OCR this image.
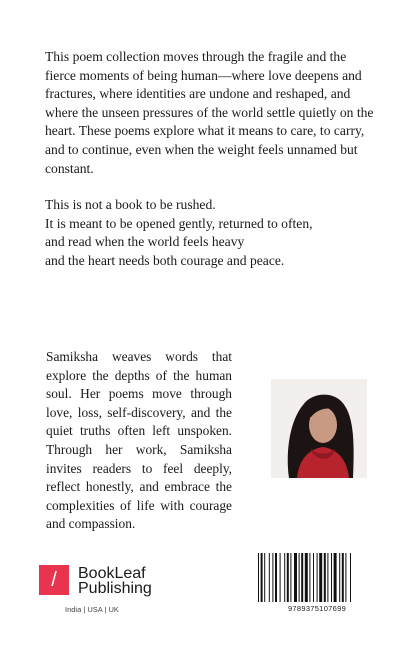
This poem collection moves through the fragile and the fierce moments of being human—where love deepens and fractures, where identities are undone and reshaped, and where the unseen pressures of the world settle quietly on the heart. These poems explore what it means to care, to carry, and to continue, even when the weight feels unnamed but constant.

This is not a book to be rushed.

It is meant to be opened gently, returned to often,

and read when the world feels heavy

and the heart needs both courage and peace.

Samiksha weaves words that explore the depths of the human soul. Her poems move through love, loss, self-discovery, and the quiet truths often left unspoken. Through her work, Samiksha invites readers to feel deeply, reflect honestly, and embrace the complexities of life with courage and compassion.
/	BookLeaf
Publishing
India | USA | UK	9789375107699
